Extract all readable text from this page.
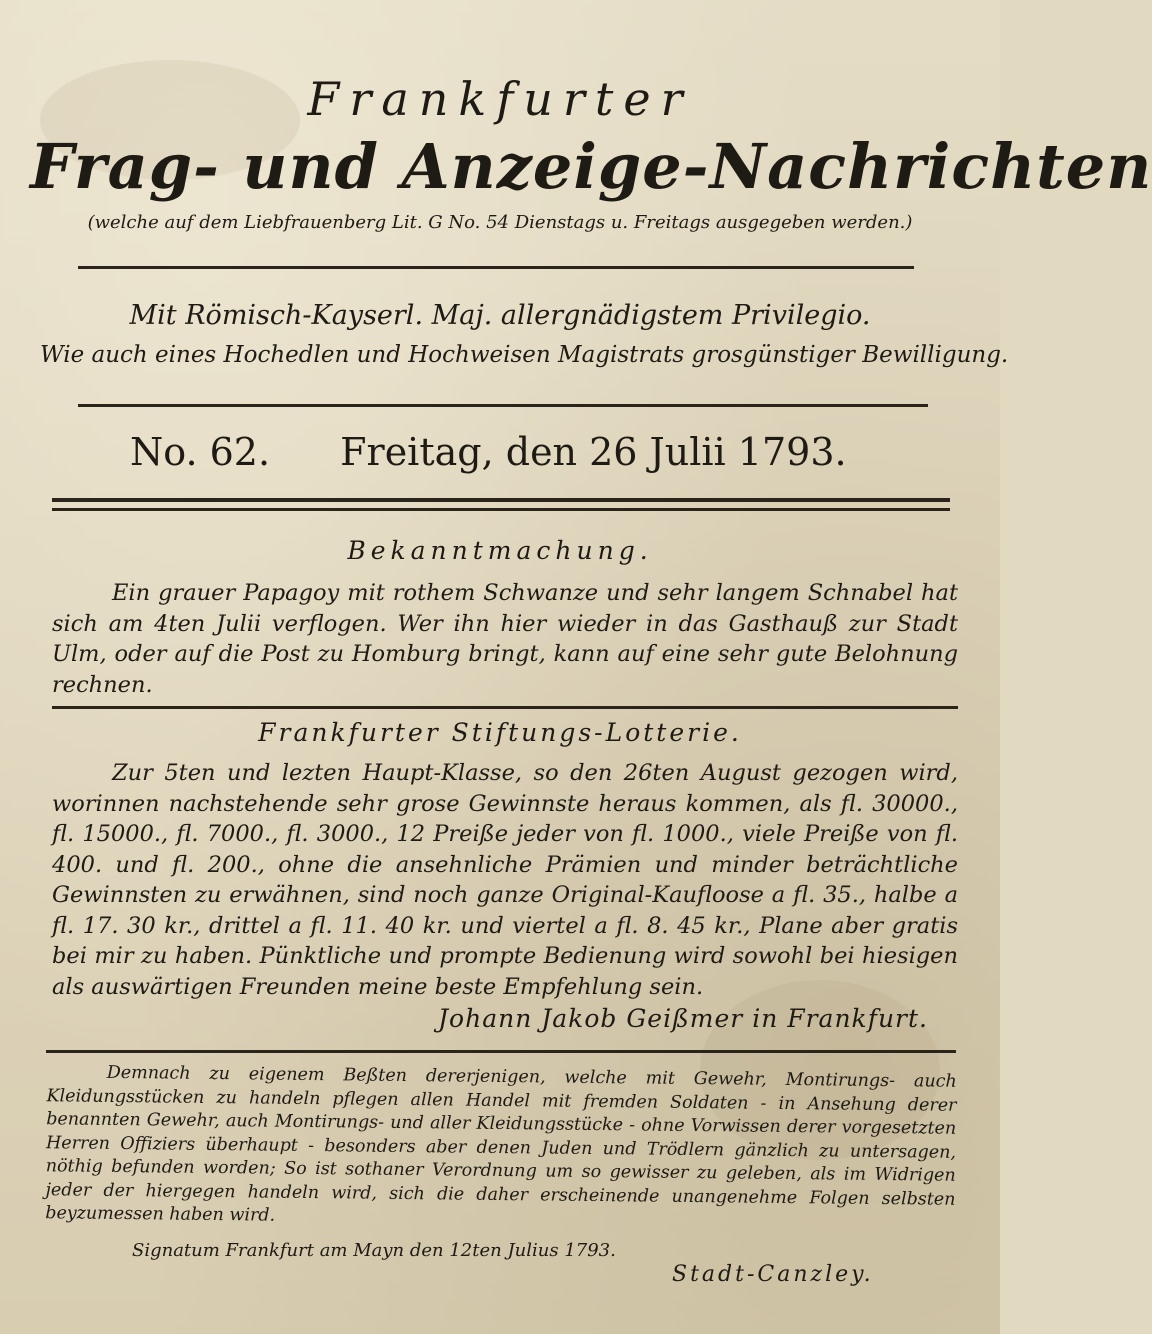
Frankfurter
Frag- und Anzeige-Nachrichten
(welche auf dem Liebfrauenberg Lit. G No. 54 Dienstags u. Freitags ausgegeben werden.)
Mit Römisch-Kayserl. Maj. allergnädigstem Privilegio.
Wie auch eines Hochedlen und Hochweisen Magistrats grosgünstiger Bewilligung.
No. 62. Freitag, den 26 Julii 1793.
Bekanntmachung.
Ein grauer Papagoy mit rothem Schwanze und sehr langem Schnabel hat sich am 4ten Julii verflogen. Wer ihn hier wieder in das Gasthauß zur Stadt Ulm, oder auf die Post zu Homburg bringt, kann auf eine sehr gute Belohnung rechnen.
Frankfurter Stiftungs-Lotterie.
Zur 5ten und lezten Haupt-Klasse, so den 26ten August gezogen wird, worinnen nachstehende sehr grose Gewinnste heraus kommen, als fl. 30000., fl. 15000., fl. 7000., fl. 3000., 12 Preiße jeder von fl. 1000., viele Preiße von fl. 400. und fl. 200., ohne die ansehnliche Prämien und minder beträchtliche Gewinnsten zu erwähnen, sind noch ganze Original-Kaufloose a fl. 35., halbe a fl. 17. 30 kr., drittel a fl. 11. 40 kr. und viertel a fl. 8. 45 kr., Plane aber gratis bei mir zu haben. Pünktliche und prompte Bedienung wird sowohl bei hiesigen als auswärtigen Freunden meine beste Empfehlung sein.
Johann Jakob Geißmer in Frankfurt.
Demnach zu eigenem Beßten dererjenigen, welche mit Gewehr, Montirungs- auch Kleidungsstücken zu handeln pflegen allen Handel mit fremden Soldaten - in Ansehung derer benannten Gewehr, auch Montirungs- und aller Kleidungsstücke - ohne Vorwissen derer vorgesetzten Herren Offiziers überhaupt - besonders aber denen Juden und Trödlern gänzlich zu untersagen, nöthig befunden worden; So ist sothaner Verordnung um so gewisser zu geleben, als im Widrigen jeder der hiergegen handeln wird, sich die daher erscheinende unangenehme Folgen selbsten beyzumessen haben wird.
Signatum Frankfurt am Mayn den 12ten Julius 1793.
Stadt-Canzley.
